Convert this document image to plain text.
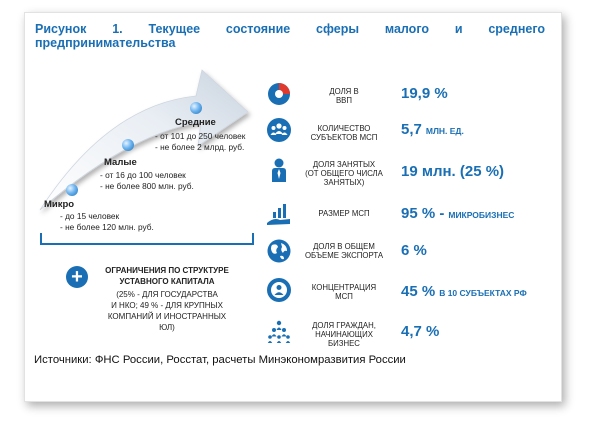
Рисунок 1. Текущее состояние сферы малого и среднего
предпринимательства
Микро
- до 15 человек
- не более 120 млн. руб.
Малые
- от 16 до 100 человек
- не более 800 млн. руб.
Средние
- от 101 до 250 человек
- не более 2 млрд. руб.
+	ОГРАНИЧЕНИЯ ПО СТРУКТУРЕ
УСТАВНОГО КАПИТАЛА
(25% - ДЛЯ ГОСУДАРСТВА
И НКО; 49 % - ДЛЯ КРУПНЫХ
КОМПАНИЙ И ИНОСТРАННЫХ
ЮЛ)
ДОЛЯ В
ВВП	19,9 %
КОЛИЧЕСТВО
СУБЪЕКТОВ МСП	5,7 МЛН. ЕД.
ДОЛЯ ЗАНЯТЫХ
(ОТ ОБЩЕГО ЧИСЛА
ЗАНЯТЫХ)
19 млн. (25 %)
РАЗМЕР МСП	95 % - МИКРОБИЗНЕС
ДОЛЯ В ОБЩЕМ
ОБЪЕМЕ ЭКСПОРТА	6 %
КОНЦЕНТРАЦИЯ
МСП	45 % В 10 СУБЪЕКТАХ РФ
ДОЛЯ ГРАЖДАН,
НАЧИНАЮЩИХ
БИЗНЕС
4,7 %
Источники: ФНС России, Росстат, расчеты Минэкономразвития России
